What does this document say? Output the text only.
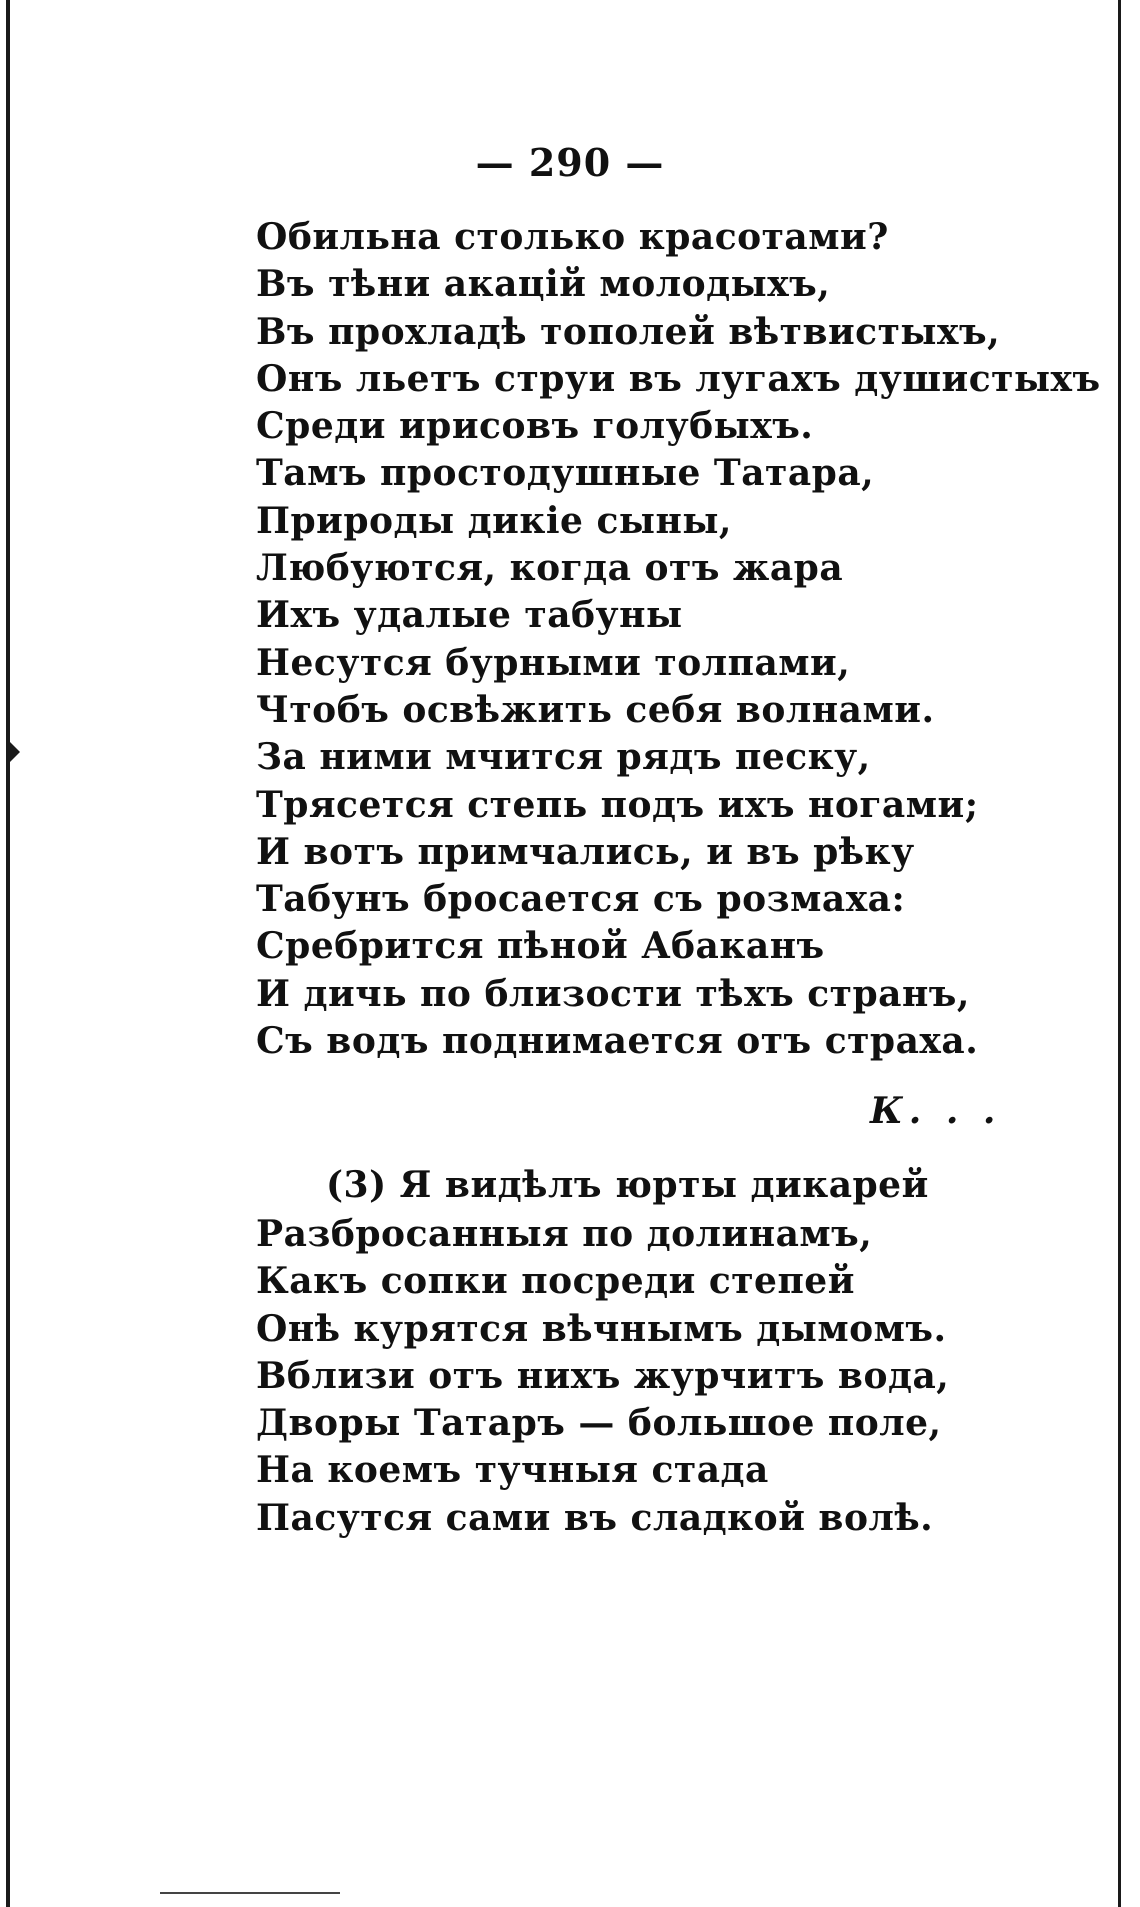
— 290 —
Обильна столько красотами?
Въ тѣни акацій молодыхъ,
Въ прохладѣ тополей вѣтвистыхъ,
Онъ льетъ струи въ лугахъ душистыхъ
Среди ирисовъ голубыхъ.
Тамъ простодушные Татара,
Природы дикіе сыны,
Любуются, когда отъ жара
Ихъ удалые табуны
Несутся бурными толпами,
Чтобъ освѣжить себя волнами.
За ними мчится рядъ песку,
Трясется степь подъ ихъ ногами;
И вотъ примчались, и въ рѣку
Табунъ бросается съ розмаха:
Сребрится пѣной Абаканъ
И дичь по близости тѣхъ странъ,
Съ водъ поднимается отъ страха.
К. . .
(3) Я видѣлъ юрты дикарей
Разбросанныя по долинамъ,
Какъ сопки посреди степей
Онѣ курятся вѣчнымъ дымомъ.
Вблизи отъ нихъ журчитъ вода,
Дворы Татаръ — большое поле,
На коемъ тучныя стада
Пасутся сами въ сладкой волѣ.
